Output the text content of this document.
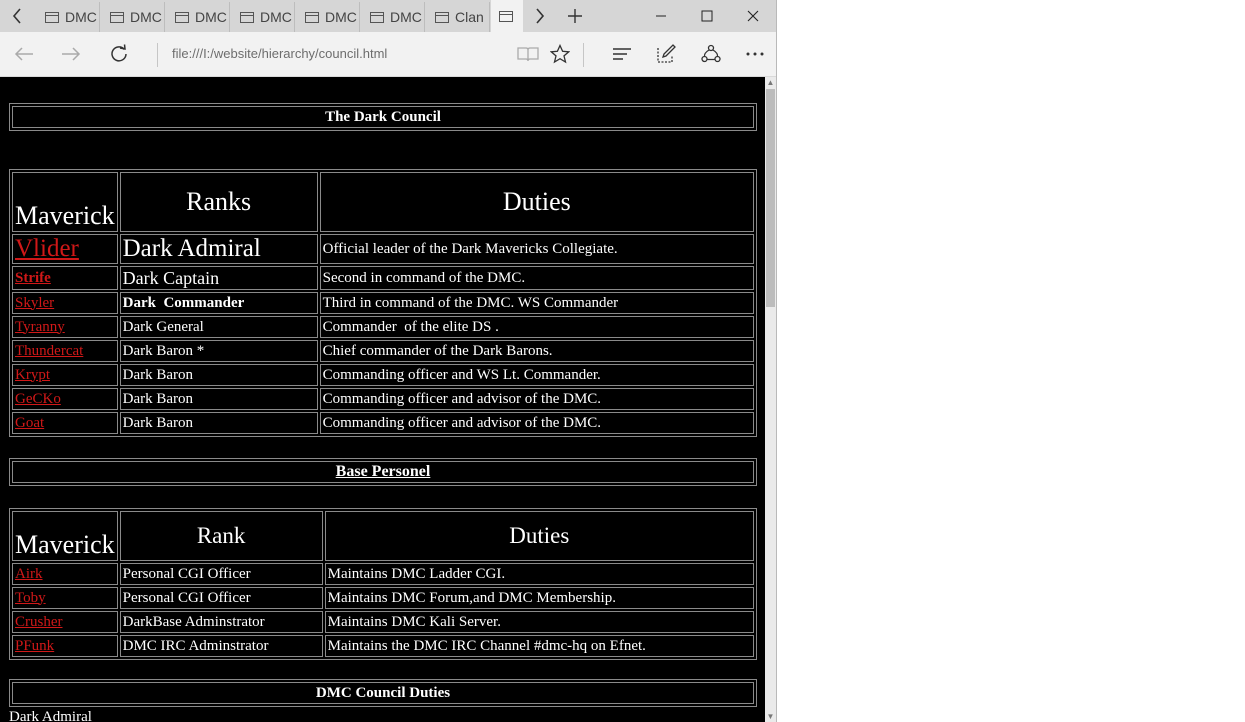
DMC DMC DMC DMC DMC DMC Clan
file:///I:/website/hierarchy/council.html
The Dark Council
Maverick	Ranks	Duties
Vlider	Dark Admiral	Official leader of the Dark Mavericks Collegiate.
Strife	Dark Captain	Second in command of the DMC.
Skyler	Dark  Commander	Third in command of the DMC. WS Commander
Tyranny	Dark General	Commander  of the elite DS .
Thundercat	Dark Baron *	Chief commander of the Dark Barons.
Krypt	Dark Baron	Commanding officer and WS Lt. Commander.
GeCKo	Dark Baron	Commanding officer and advisor of the DMC.
Goat	Dark Baron	Commanding officer and advisor of the DMC.
Base Personel
Maverick	Rank	Duties
Airk	Personal CGI Officer	Maintains DMC Ladder CGI.
Toby	Personal CGI Officer	Maintains DMC Forum,and DMC Membership.
Crusher	DarkBase Adminstrator	Maintains DMC Kali Server.
PFunk	DMC IRC Adminstrator	Maintains the DMC IRC Channel #dmc-hq on Efnet.
DMC Council Duties
Dark Admiral
▲
▼
